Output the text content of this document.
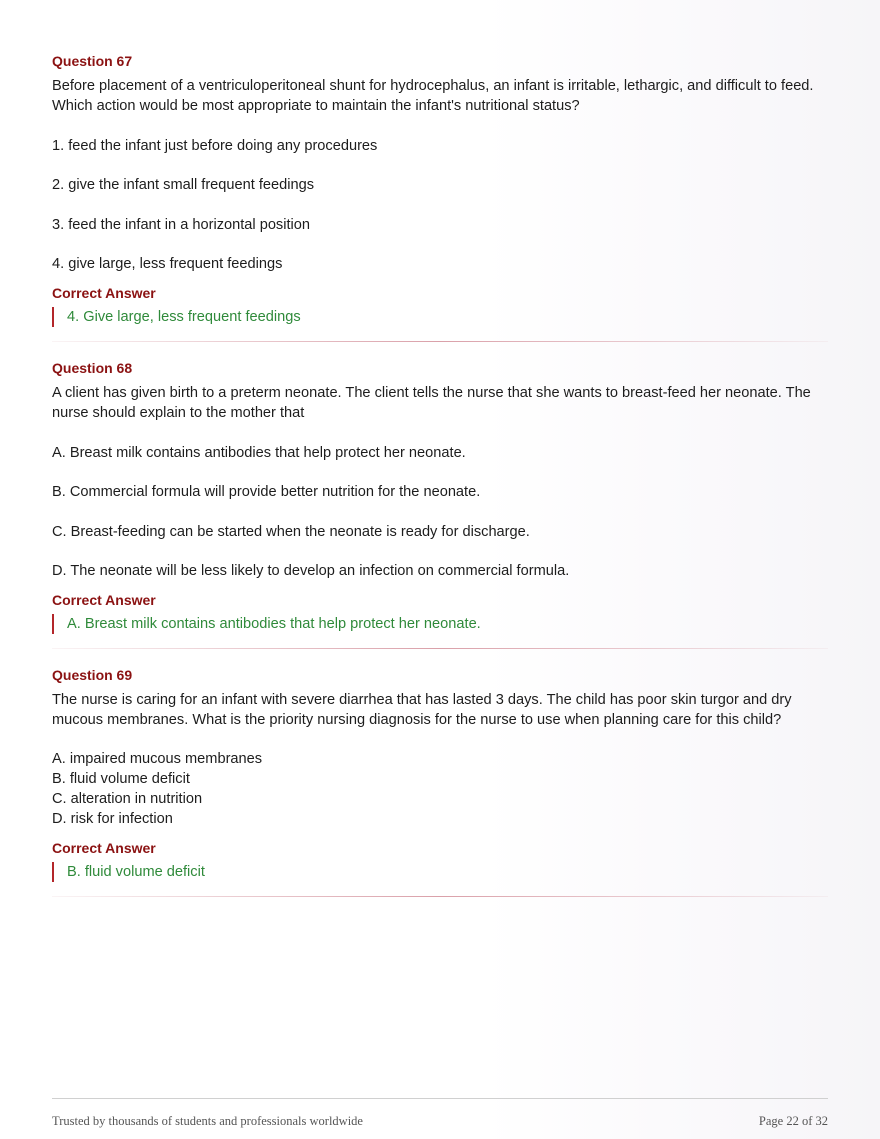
Question 67

Before placement of a ventriculoperitoneal shunt for hydrocephalus, an infant is irritable, lethargic, and difficult to feed. Which action would be most appropriate to maintain the infant's nutritional status?

1. feed the infant just before doing any procedures
2. give the infant small frequent feedings
3. feed the infant in a horizontal position
4. give large, less frequent feedings
Correct Answer
4. Give large, less frequent feedings
Question 68

A client has given birth to a preterm neonate. The client tells the nurse that she wants to breast-feed her neonate. The nurse should explain to the mother that

A. Breast milk contains antibodies that help protect her neonate.
B. Commercial formula will provide better nutrition for the neonate.
C. Breast-feeding can be started when the neonate is ready for discharge.
D. The neonate will be less likely to develop an infection on commercial formula.
Correct Answer
A. Breast milk contains antibodies that help protect her neonate.
Question 69

The nurse is caring for an infant with severe diarrhea that has lasted 3 days. The child has poor skin turgor and dry mucous membranes. What is the priority nursing diagnosis for the nurse to use when planning care for this child?

A. impaired mucous membranes
B. fluid volume deficit
C. alteration in nutrition
D. risk for infection
Correct Answer
B. fluid volume deficit
Trusted by thousands of students and professionals worldwide	Page 22 of 32
